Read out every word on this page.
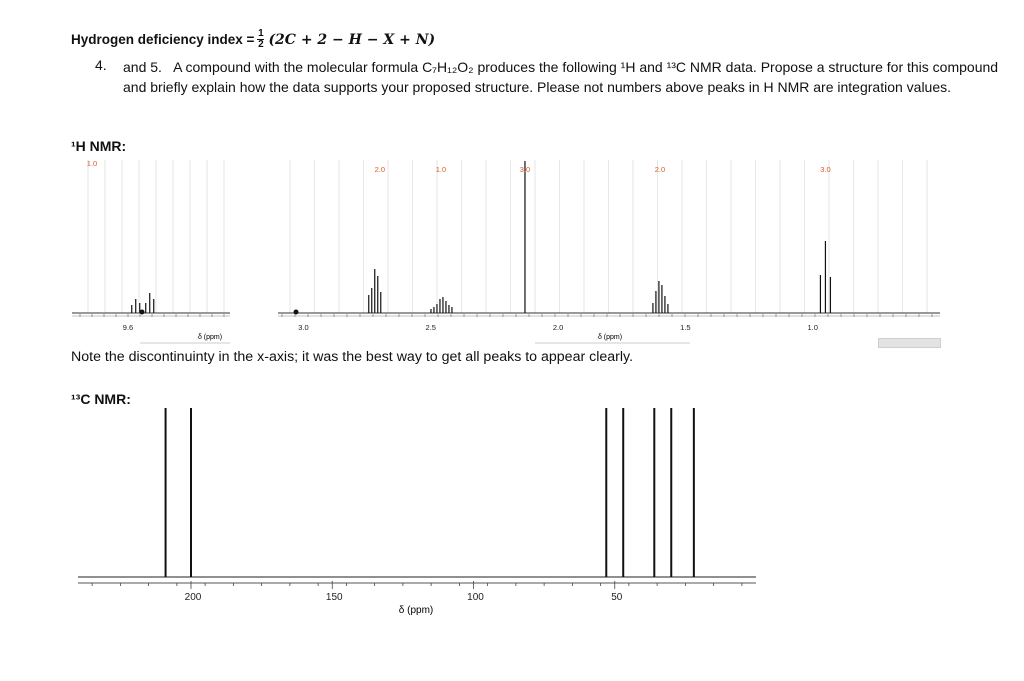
Hydrogen deficiency index = $\frac{1}{2} (2C + 2 - H - X + N)$
4. and 5. A compound with the molecular formula C₇H₁₂O₂ produces the following ¹H and ¹³C NMR data. Propose a structure for this compound and briefly explain how the data supports your proposed structure. Please not numbers above peaks in H NMR are integration values.
¹H NMR:
1.0
2.0	1.0	3.0	2.0	3.0
9.6	3.0	2.5	2.0	1.5	1.0
δ (ppm)	δ (ppm)
Note the discontinuinty in the x-axis; it was the best way to get all peaks to appear clearly.
¹³C NMR:
200	150	100	50
δ (ppm)
